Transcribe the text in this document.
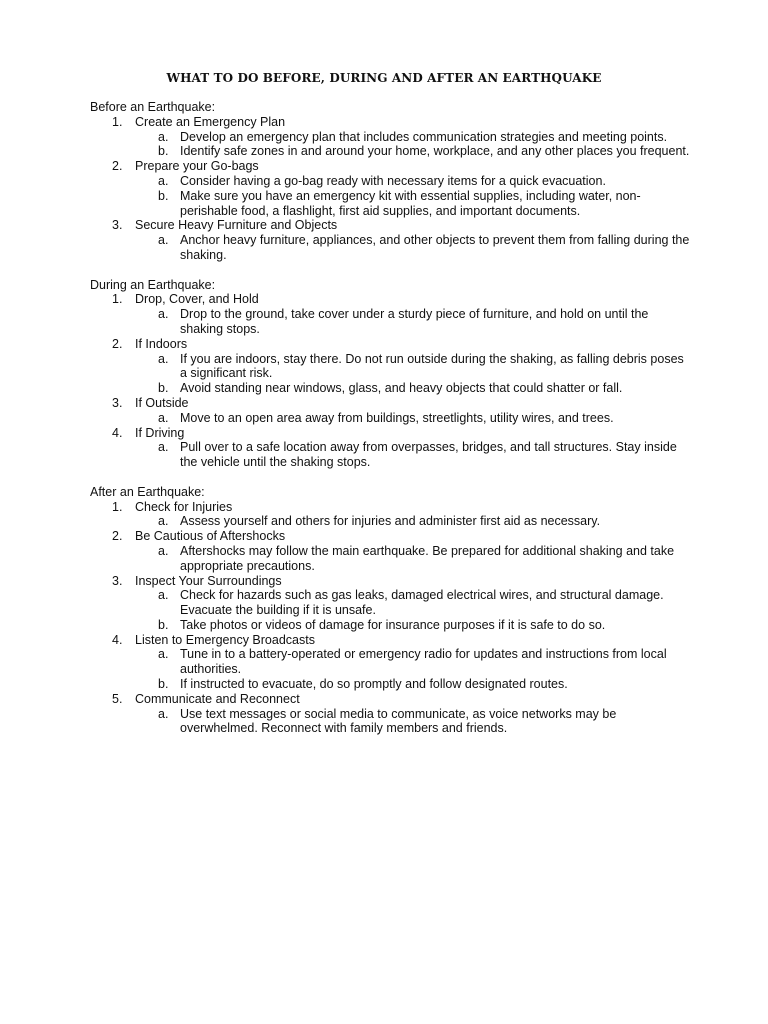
WHAT TO DO BEFORE, DURING AND AFTER AN EARTHQUAKE
Before an Earthquake:
1. Create an Emergency Plan
a. Develop an emergency plan that includes communication strategies and meeting points.
b. Identify safe zones in and around your home, workplace, and any other places you frequent.
2. Prepare your Go-bags
a. Consider having a go-bag ready with necessary items for a quick evacuation.
b. Make sure you have an emergency kit with essential supplies, including water, non-perishable food, a flashlight, first aid supplies, and important documents.
3. Secure Heavy Furniture and Objects
a. Anchor heavy furniture, appliances, and other objects to prevent them from falling during the shaking.
During an Earthquake:
1. Drop, Cover, and Hold
a. Drop to the ground, take cover under a sturdy piece of furniture, and hold on until the shaking stops.
2. If Indoors
a. If you are indoors, stay there. Do not run outside during the shaking, as falling debris poses a significant risk.
b. Avoid standing near windows, glass, and heavy objects that could shatter or fall.
3. If Outside
a. Move to an open area away from buildings, streetlights, utility wires, and trees.
4. If Driving
a. Pull over to a safe location away from overpasses, bridges, and tall structures. Stay inside the vehicle until the shaking stops.
After an Earthquake:
1. Check for Injuries
a. Assess yourself and others for injuries and administer first aid as necessary.
2. Be Cautious of Aftershocks
a. Aftershocks may follow the main earthquake. Be prepared for additional shaking and take appropriate precautions.
3. Inspect Your Surroundings
a. Check for hazards such as gas leaks, damaged electrical wires, and structural damage. Evacuate the building if it is unsafe.
b. Take photos or videos of damage for insurance purposes if it is safe to do so.
4. Listen to Emergency Broadcasts
a. Tune in to a battery-operated or emergency radio for updates and instructions from local authorities.
b. If instructed to evacuate, do so promptly and follow designated routes.
5. Communicate and Reconnect
a. Use text messages or social media to communicate, as voice networks may be overwhelmed. Reconnect with family members and friends.
